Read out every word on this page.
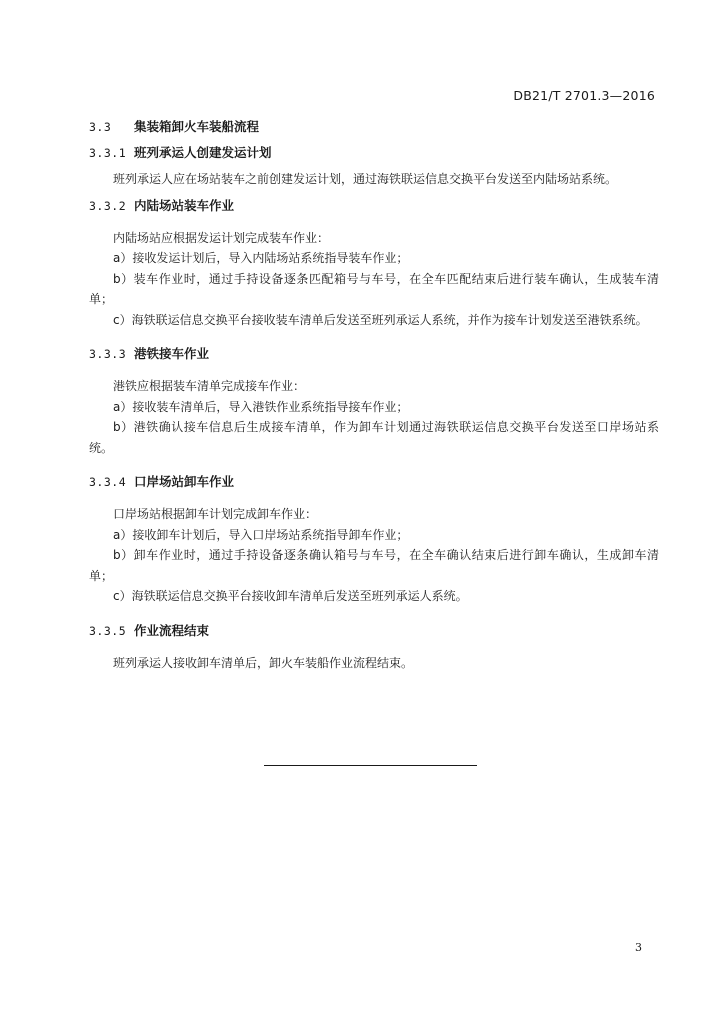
DB21/T 2701.3—2016

3.3	集装箱卸火车装船流程

3.3.1 班列承运人创建发运计划

班列承运人应在场站装车之前创建发运计划，通过海铁联运信息交换平台发送至内陆场站系统。

3.3.2 内陆场站装车作业

内陆场站应根据发运计划完成装车作业：

a）接收发运计划后，导入内陆场站系统指导装车作业；

b）装车作业时，通过手持设备逐条匹配箱号与车号，在全车匹配结束后进行装车确认，生成装车清单；

c）海铁联运信息交换平台接收装车清单后发送至班列承运人系统，并作为接车计划发送至港铁系统。

3.3.3 港铁接车作业

港铁应根据装车清单完成接车作业：

a）接收装车清单后，导入港铁作业系统指导接车作业；

b）港铁确认接车信息后生成接车清单，作为卸车计划通过海铁联运信息交换平台发送至口岸场站系统。

3.3.4 口岸场站卸车作业

口岸场站根据卸车计划完成卸车作业：

a）接收卸车计划后，导入口岸场站系统指导卸车作业；

b）卸车作业时，通过手持设备逐条确认箱号与车号，在全车确认结束后进行卸车确认，生成卸车清单；

c）海铁联运信息交换平台接收卸车清单后发送至班列承运人系统。

3.3.5 作业流程结束

班列承运人接收卸车清单后，卸火车装船作业流程结束。

3
